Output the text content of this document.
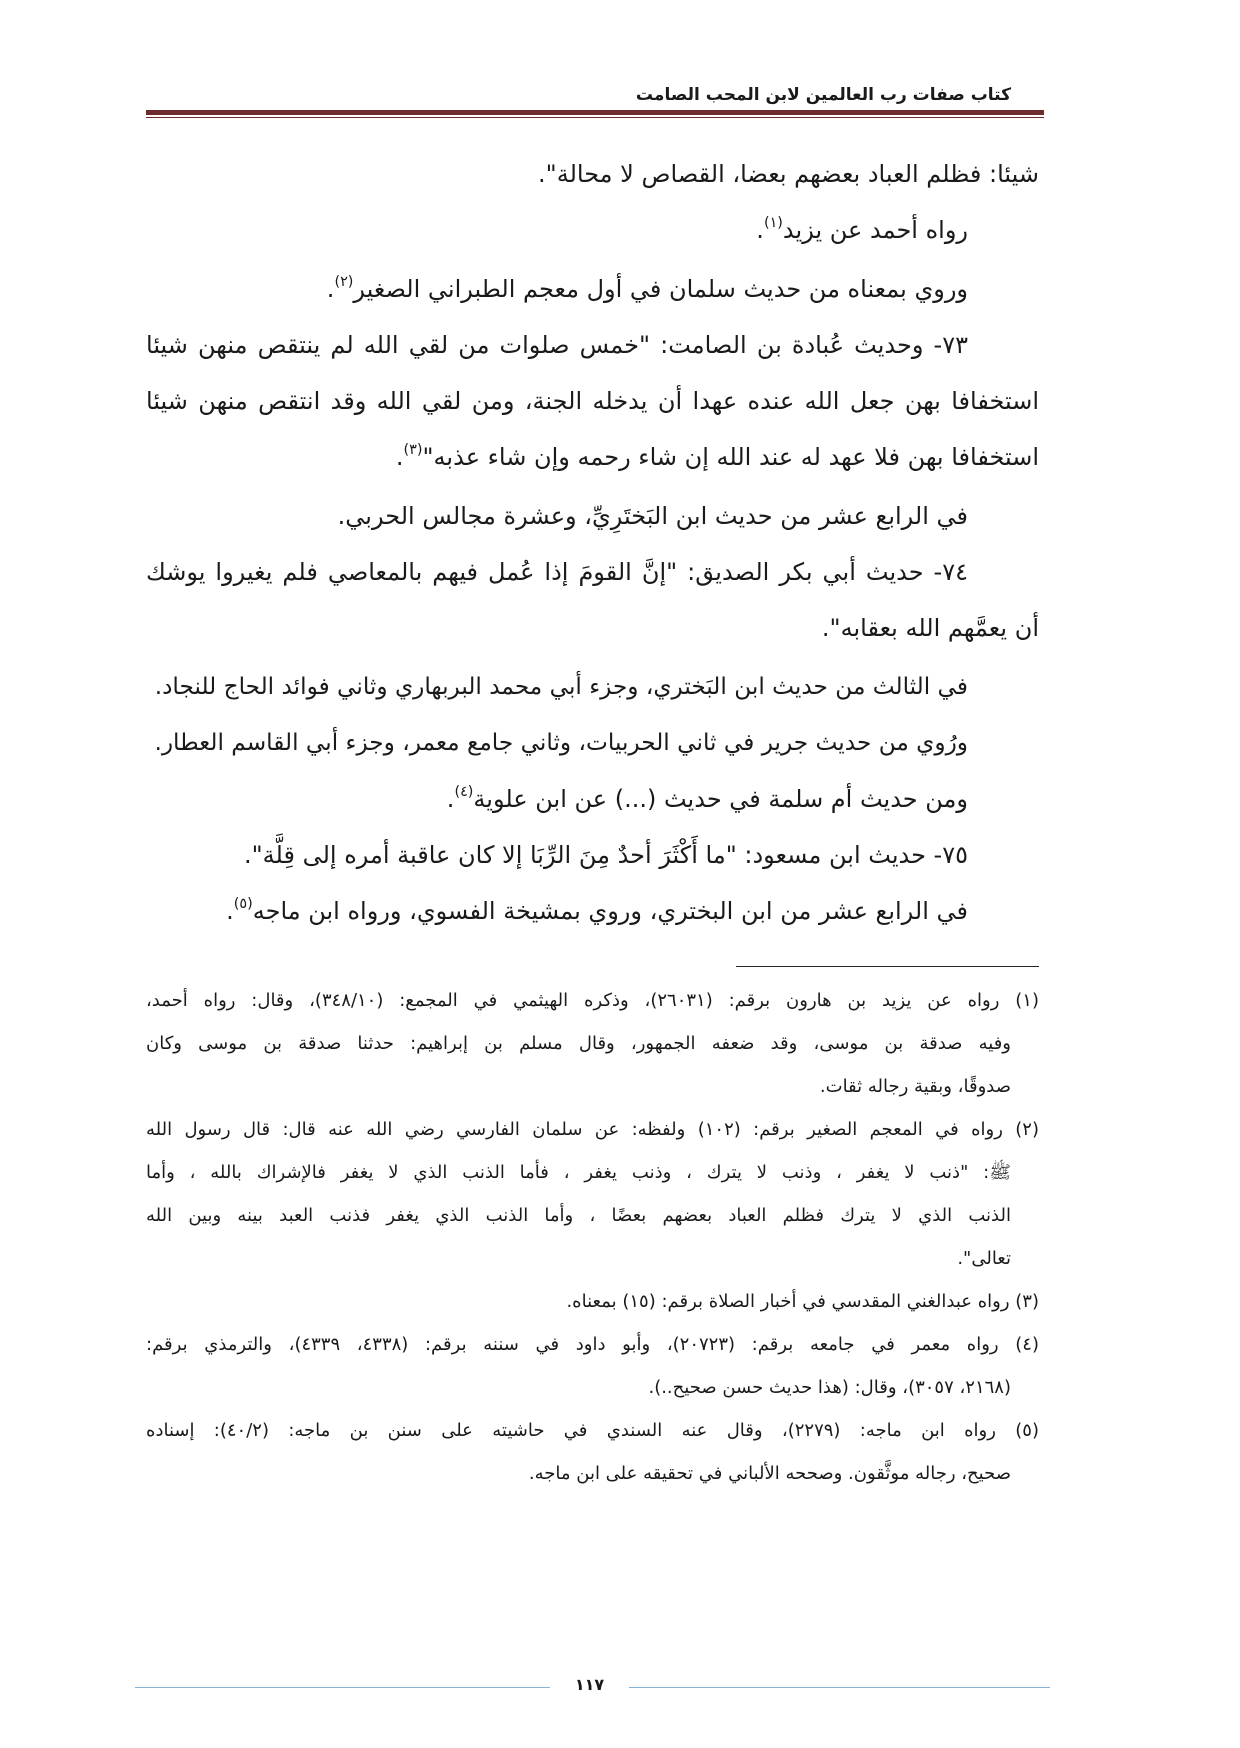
كتاب صفات رب العالمين لابن المحب الصامت
شيئا: فظلم العباد بعضهم بعضا، القصاص لا محالة".
رواه أحمد عن يزيد$^{(١)}$.
وروي بمعناه من حديث سلمان في أول معجم الطبراني الصغير$^{(٢)}$.
٧٣- وحديث عُبادة بن الصامت: "خمس صلوات من لقي الله لم ينتقص منهن شيئا
استخفافا بهن جعل الله عنده عهدا أن يدخله الجنة، ومن لقي الله وقد انتقص منهن شيئا
استخفافا بهن فلا عهد له عند الله إن شاء رحمه وإن شاء عذبه"$^{(٣)}$.
في الرابع عشر من حديث ابن البَختَرِيِّ، وعشرة مجالس الحربي.
٧٤- حديث أبي بكر الصديق: "إنَّ القومَ إذا عُمل فيهم بالمعاصي فلم يغيروا يوشك
أن يعمَّهم الله بعقابه".
في الثالث من حديث ابن البَختري، وجزء أبي محمد البربهاري وثاني فوائد الحاج للنجاد.
ورُوي من حديث جرير في ثاني الحربيات، وثاني جامع معمر، وجزء أبي القاسم العطار.
ومن حديث أم سلمة في حديث (...) عن ابن علوية$^{(٤)}$.
٧٥- حديث ابن مسعود: "ما أَكْثَرَ أحدٌ مِنَ الرِّبَا إلا كان عاقبة أمره إلى قِلَّة".
في الرابع عشر من ابن البختري، وروي بمشيخة الفسوي، ورواه ابن ماجه$^{(٥)}$.
(١) رواه عن يزيد بن هارون برقم: (٢٦٠٣١)، وذكره الهيثمي في المجمع: (٣٤٨/١٠)، وقال: رواه أحمد،
وفيه صدقة بن موسى، وقد ضعفه الجمهور، وقال مسلم بن إبراهيم: حدثنا صدقة بن موسى وكان
صدوقًا، وبقية رجاله ثقات.
(٢) رواه في المعجم الصغير برقم: (١٠٢) ولفظه: عن سلمان الفارسي رضي الله عنه قال: قال رسول الله
ﷺ: "ذنب لا يغفر ، وذنب لا يترك ، وذنب يغفر ، فأما الذنب الذي لا يغفر فالإشراك بالله ، وأما
الذنب الذي لا يترك فظلم العباد بعضهم بعضًا ، وأما الذنب الذي يغفر فذنب العبد بينه وبين الله
تعالى".
(٣) رواه عبدالغني المقدسي في أخبار الصلاة برقم: (١٥) بمعناه.
(٤) رواه معمر في جامعه برقم: (٢٠٧٢٣)، وأبو داود في سننه برقم: (٤٣٣٨، ٤٣٣٩)، والترمذي برقم:
(٢١٦٨، ٣٠٥٧)، وقال: (هذا حديث حسن صحيح..).
(٥) رواه ابن ماجه: (٢٢٧٩)، وقال عنه السندي في حاشيته على سنن بن ماجه: (٤٠/٢): إسناده
صحيح، رجاله موثَّقون. وصححه الألباني في تحقيقه على ابن ماجه.
١١٧
